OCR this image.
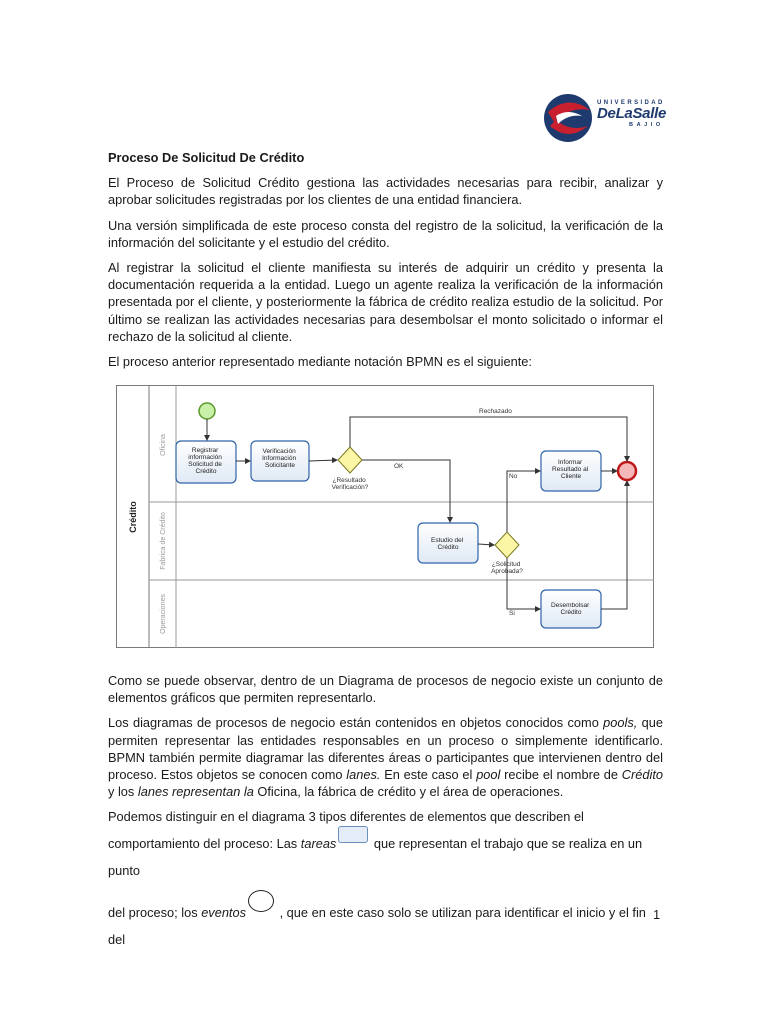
UNIVERSIDAD
DeLaSalle
BAJIO
Proceso De Solicitud De Crédito

El Proceso de Solicitud Crédito gestiona las actividades necesarias para recibir, analizar y aprobar solicitudes registradas por los clientes de una entidad financiera.

Una versión simplificada de este proceso consta del registro de la solicitud, la verificación de la información del solicitante y el estudio del crédito.

Al registrar la solicitud el cliente manifiesta su interés de adquirir un crédito y presenta la documentación requerida a la entidad. Luego un agente realiza la verificación de la información presentada por el cliente, y posteriormente la fábrica de crédito realiza estudio de la solicitud. Por último se realizan las actividades necesarias para desembolsar el monto solicitado o informar el rechazo de la solicitud al cliente.

El proceso anterior representado mediante notación BPMN es el siguiente:

Crédito
Oficina
Fabrica de Crédito
Operaciones
Registrar información Solicitud de Crédito
Verificación Información Solicitante	Informar Resultado al Cliente
Estudio del Crédito
Desembolsar Crédito
¿Resultado Verificación?
¿Solicitud Aprobada?
Rechazado
OK
No
Si

Como se puede observar, dentro de un Diagrama de procesos de negocio existe un conjunto de elementos gráficos que permiten representarlo.

Los diagramas de procesos de negocio están contenidos en objetos conocidos como pools, que permiten representar las entidades responsables en un proceso o simplemente identificarlo. BPMN también permite diagramar las diferentes áreas o participantes que intervienen dentro del proceso. Estos objetos se conocen como lanes. En este caso el pool recibe el nombre de Crédito y los lanes representan la Oficina, la fábrica de crédito y el área de operaciones.

Podemos distinguir en el diagrama 3 tipos diferentes de elementos que describen el

comportamiento del proceso: Las tareas	que representan el trabajo que se realiza en un punto
del proceso; los eventos , que en este caso solo se utilizan para identificar el inicio y el fin del
1
